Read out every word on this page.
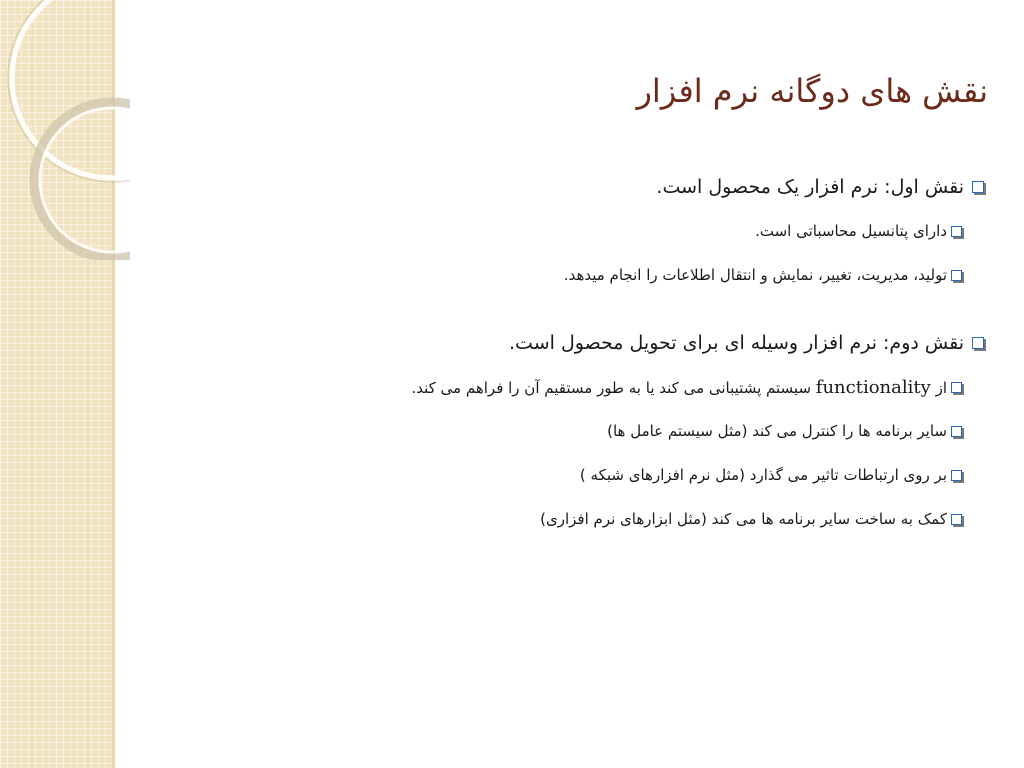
نقش های دوگانه نرم افزار
نقش اول: نرم افزار یک محصول است.
دارای پتانسیل محاسباتی است.
تولید، مدیریت، تغییر، نمایش و انتقال اطلاعات را انجام میدهد.
نقش دوم: نرم افزار وسیله ای برای تحویل محصول است.
از functionality سیستم پشتیبانی می کند یا به طور مستقیم آن را فراهم می کند.
سایر برنامه ها را کنترل می کند (مثل سیستم عامل ها)
بر روی ارتباطات تاثیر می گذارد (مثل نرم افزارهای شبکه )
کمک به ساخت سایر برنامه ها می کند (مثل ابزارهای نرم افزاری)
